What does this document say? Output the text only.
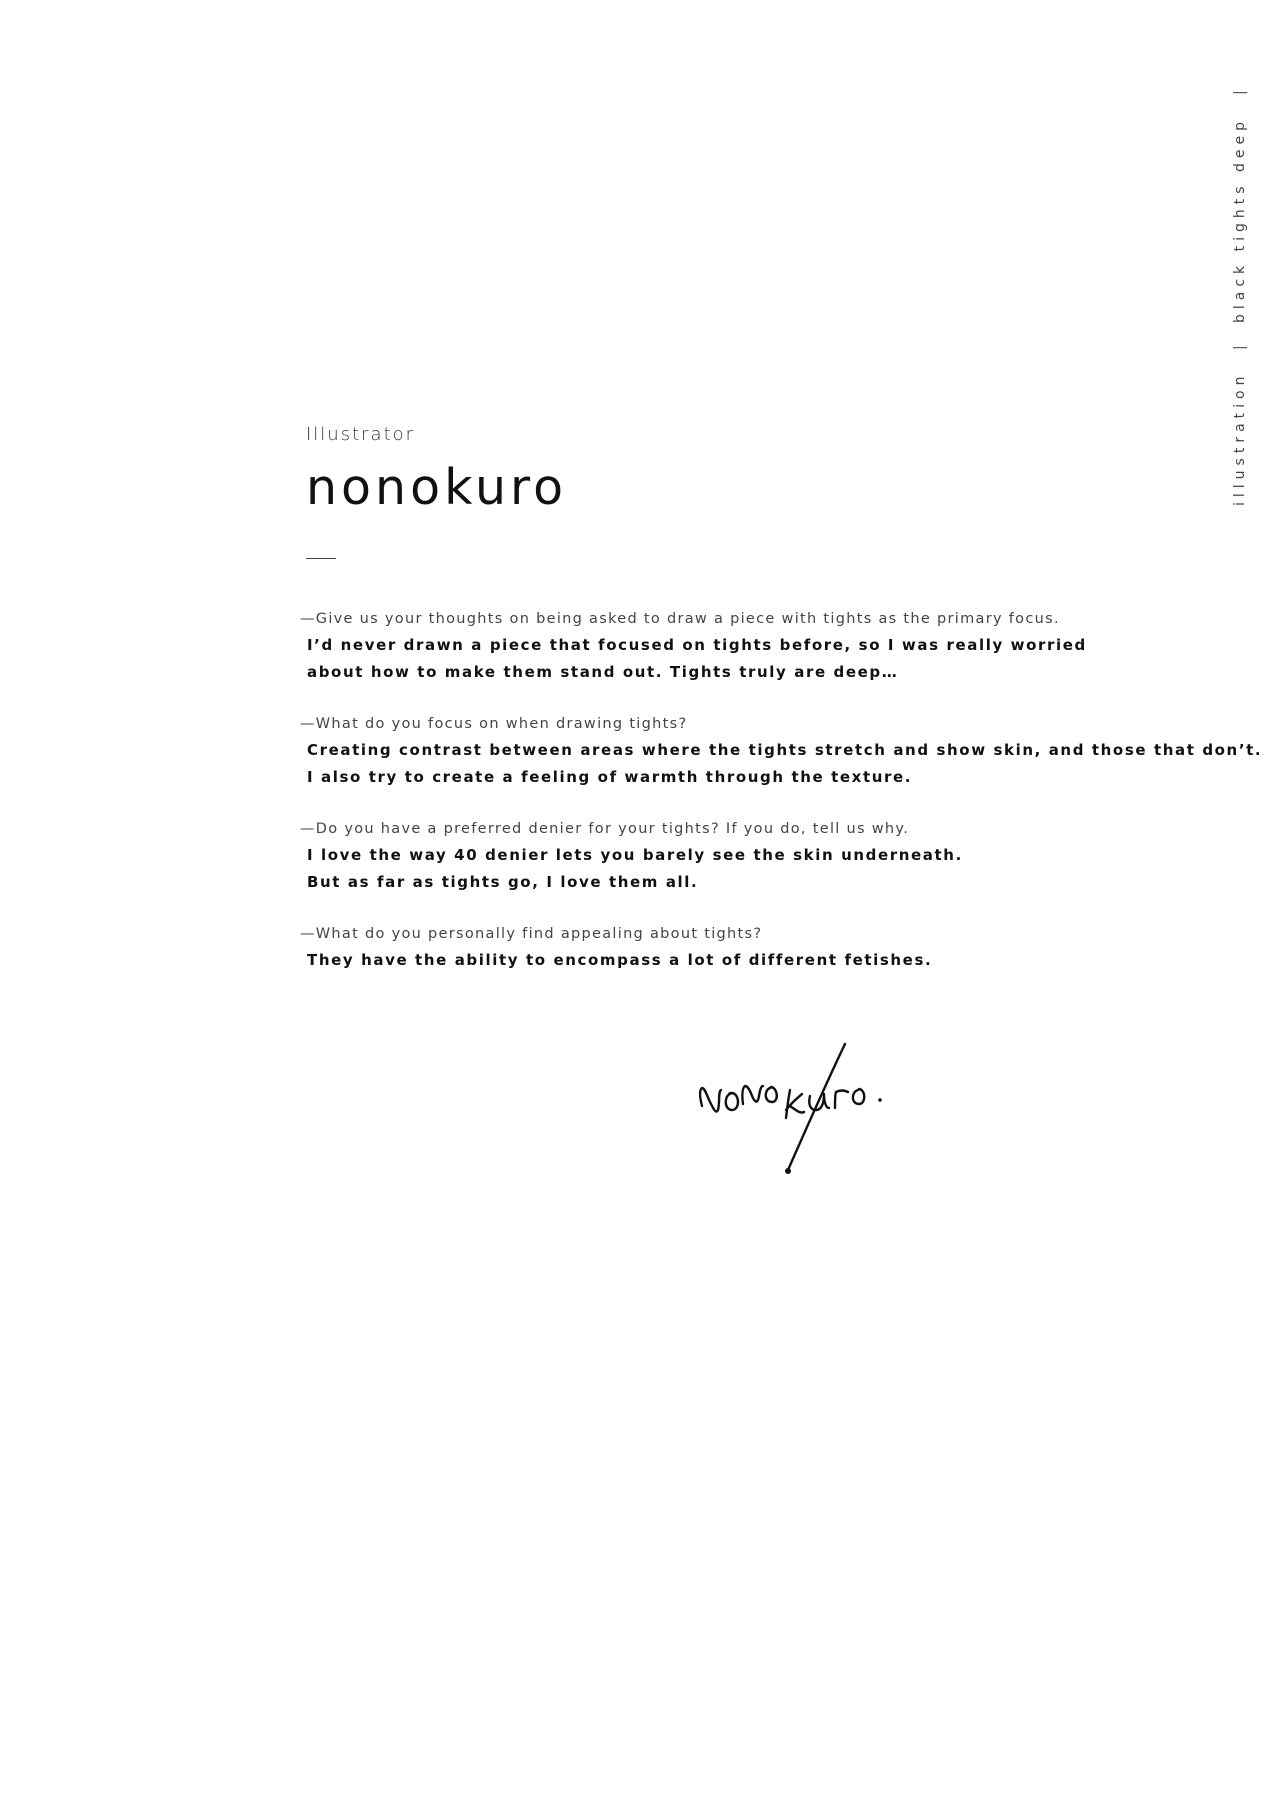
illustration
|
black tights deep
|

Illustrator

nonokuro

—Give us your thoughts on being asked to draw a piece with tights as the primary focus.

I’d never drawn a piece that focused on tights before, so I was really worried

about how to make them stand out. Tights truly are deep…

—What do you focus on when drawing tights?

Creating contrast between areas where the tights stretch and show skin, and those that don’t.

I also try to create a feeling of warmth through the texture.

—Do you have a preferred denier for your tights? If you do, tell us why.

I love the way 40 denier lets you barely see the skin underneath.

But as far as tights go, I love them all.

—What do you personally find appealing about tights?

They have the ability to encompass a lot of different fetishes.
